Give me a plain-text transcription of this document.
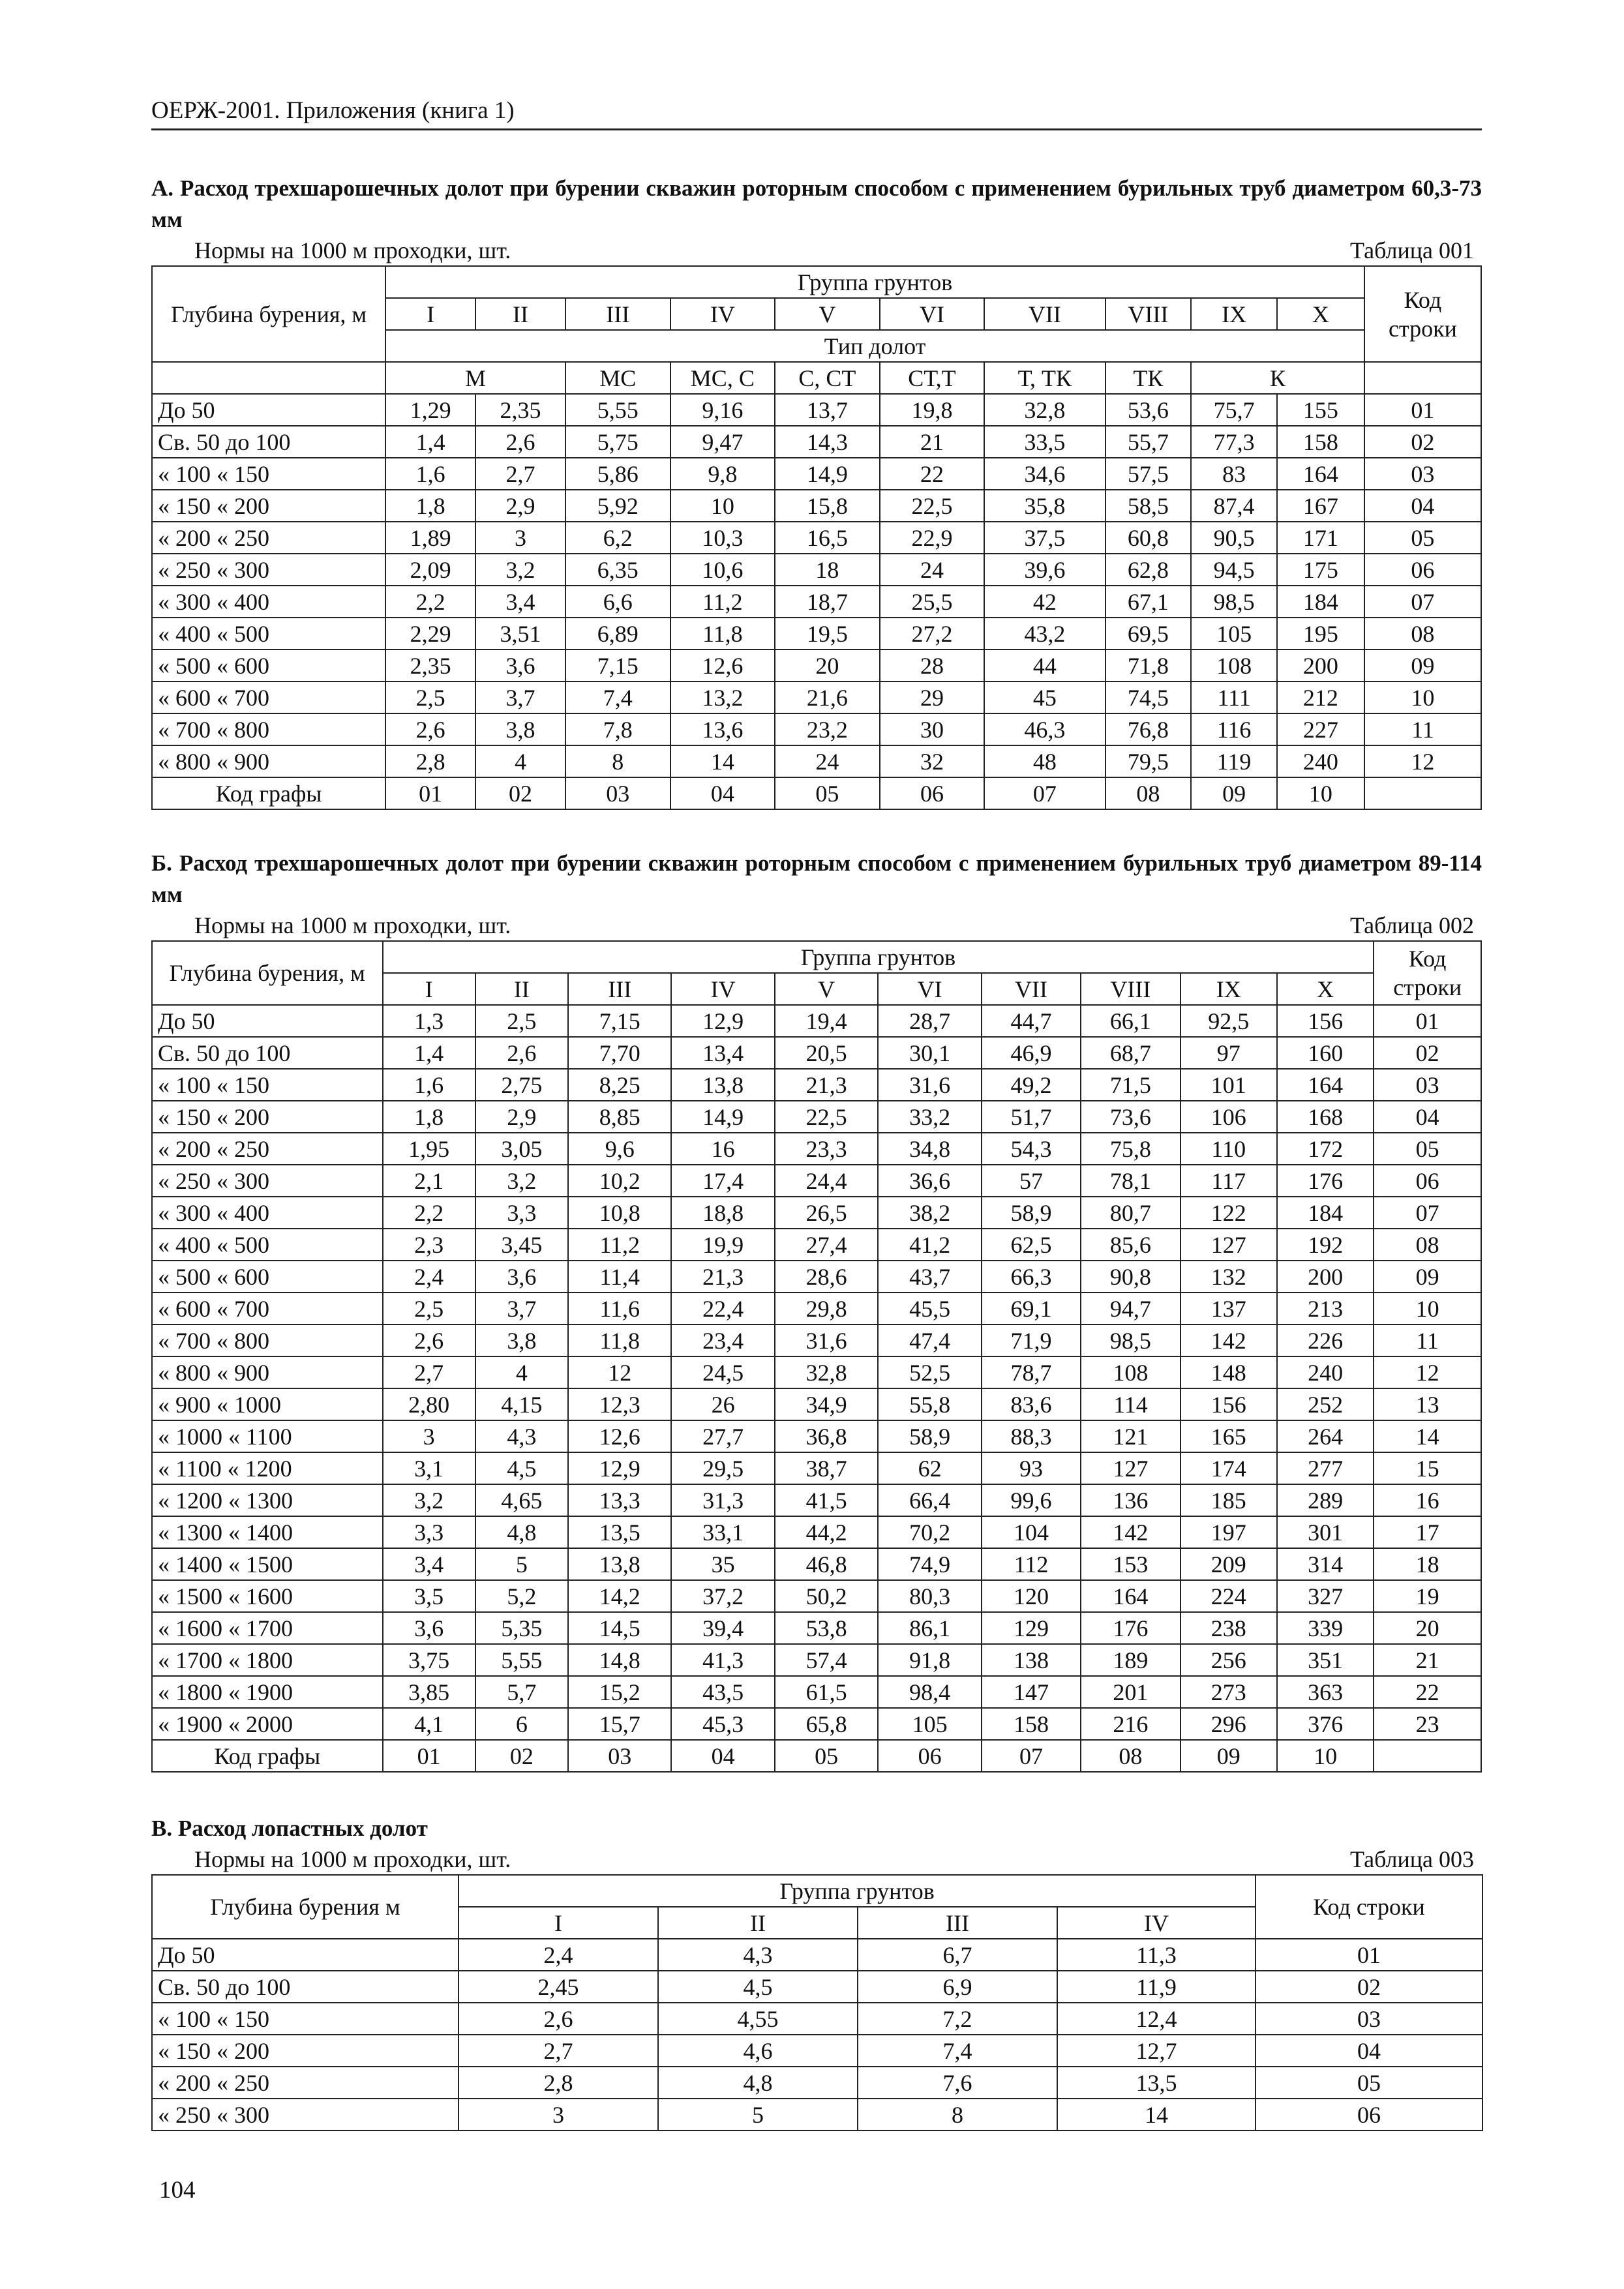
ОЕРЖ-2001. Приложения (книга 1)

А. Расход трехшарошечных долот при бурении скважин роторным способом с применением бурильных труб диаметром 60,3-73 мм

Нормы на 1000 м проходки, шт.	Таблица 001
Глубина бурения, м	Группа грунтов										Код строки
	I	II	III	IV	V	VI	VII	VIII	IX	X	
	Тип долот										
	М		МС	МС, С	С, СТ	СТ,Т	Т, ТК	ТК	К		
До 50	1,29	2,35	5,55	9,16	13,7	19,8	32,8	53,6	75,7	155	01
Св. 50 до 100	1,4	2,6	5,75	9,47	14,3	21	33,5	55,7	77,3	158	02
« 100 « 150	1,6	2,7	5,86	9,8	14,9	22	34,6	57,5	83	164	03
« 150 « 200	1,8	2,9	5,92	10	15,8	22,5	35,8	58,5	87,4	167	04
« 200 « 250	1,89	3	6,2	10,3	16,5	22,9	37,5	60,8	90,5	171	05
« 250 « 300	2,09	3,2	6,35	10,6	18	24	39,6	62,8	94,5	175	06
« 300 « 400	2,2	3,4	6,6	11,2	18,7	25,5	42	67,1	98,5	184	07
« 400 « 500	2,29	3,51	6,89	11,8	19,5	27,2	43,2	69,5	105	195	08
« 500 « 600	2,35	3,6	7,15	12,6	20	28	44	71,8	108	200	09
« 600 « 700	2,5	3,7	7,4	13,2	21,6	29	45	74,5	111	212	10
« 700 « 800	2,6	3,8	7,8	13,6	23,2	30	46,3	76,8	116	227	11
« 800 « 900	2,8	4	8	14	24	32	48	79,5	119	240	12
Код графы	01	02	03	04	05	06	07	08	09	10	

Б. Расход трехшарошечных долот при бурении скважин роторным способом с применением бурильных труб диаметром 89-114 мм

Нормы на 1000 м проходки, шт.	Таблица 002
Глубина бурения, м	Группа грунтов										Код строки
	I	II	III	IV	V	VI	VII	VIII	IX	X	
До 50	1,3	2,5	7,15	12,9	19,4	28,7	44,7	66,1	92,5	156	01
Св. 50 до 100	1,4	2,6	7,70	13,4	20,5	30,1	46,9	68,7	97	160	02
« 100 « 150	1,6	2,75	8,25	13,8	21,3	31,6	49,2	71,5	101	164	03
« 150 « 200	1,8	2,9	8,85	14,9	22,5	33,2	51,7	73,6	106	168	04
« 200 « 250	1,95	3,05	9,6	16	23,3	34,8	54,3	75,8	110	172	05
« 250 « 300	2,1	3,2	10,2	17,4	24,4	36,6	57	78,1	117	176	06
« 300 « 400	2,2	3,3	10,8	18,8	26,5	38,2	58,9	80,7	122	184	07
« 400 « 500	2,3	3,45	11,2	19,9	27,4	41,2	62,5	85,6	127	192	08
« 500 « 600	2,4	3,6	11,4	21,3	28,6	43,7	66,3	90,8	132	200	09
« 600 « 700	2,5	3,7	11,6	22,4	29,8	45,5	69,1	94,7	137	213	10
« 700 « 800	2,6	3,8	11,8	23,4	31,6	47,4	71,9	98,5	142	226	11
« 800 « 900	2,7	4	12	24,5	32,8	52,5	78,7	108	148	240	12
« 900 « 1000	2,80	4,15	12,3	26	34,9	55,8	83,6	114	156	252	13
« 1000 « 1100	3	4,3	12,6	27,7	36,8	58,9	88,3	121	165	264	14
« 1100 « 1200	3,1	4,5	12,9	29,5	38,7	62	93	127	174	277	15
« 1200 « 1300	3,2	4,65	13,3	31,3	41,5	66,4	99,6	136	185	289	16
« 1300 « 1400	3,3	4,8	13,5	33,1	44,2	70,2	104	142	197	301	17
« 1400 « 1500	3,4	5	13,8	35	46,8	74,9	112	153	209	314	18
« 1500 « 1600	3,5	5,2	14,2	37,2	50,2	80,3	120	164	224	327	19
« 1600 « 1700	3,6	5,35	14,5	39,4	53,8	86,1	129	176	238	339	20
« 1700 « 1800	3,75	5,55	14,8	41,3	57,4	91,8	138	189	256	351	21
« 1800 « 1900	3,85	5,7	15,2	43,5	61,5	98,4	147	201	273	363	22
« 1900 « 2000	4,1	6	15,7	45,3	65,8	105	158	216	296	376	23
Код графы	01	02	03	04	05	06	07	08	09	10	

В. Расход лопастных долот

Нормы на 1000 м проходки, шт.	Таблица 003
Глубина бурения м	Группа грунтов				Код строки
	I	II	III	IV	
До 50	2,4	4,3	6,7	11,3	01
Св. 50 до 100	2,45	4,5	6,9	11,9	02
« 100 « 150	2,6	4,55	7,2	12,4	03
« 150 « 200	2,7	4,6	7,4	12,7	04
« 200 « 250	2,8	4,8	7,6	13,5	05
« 250 « 300	3	5	8	14	06
104
